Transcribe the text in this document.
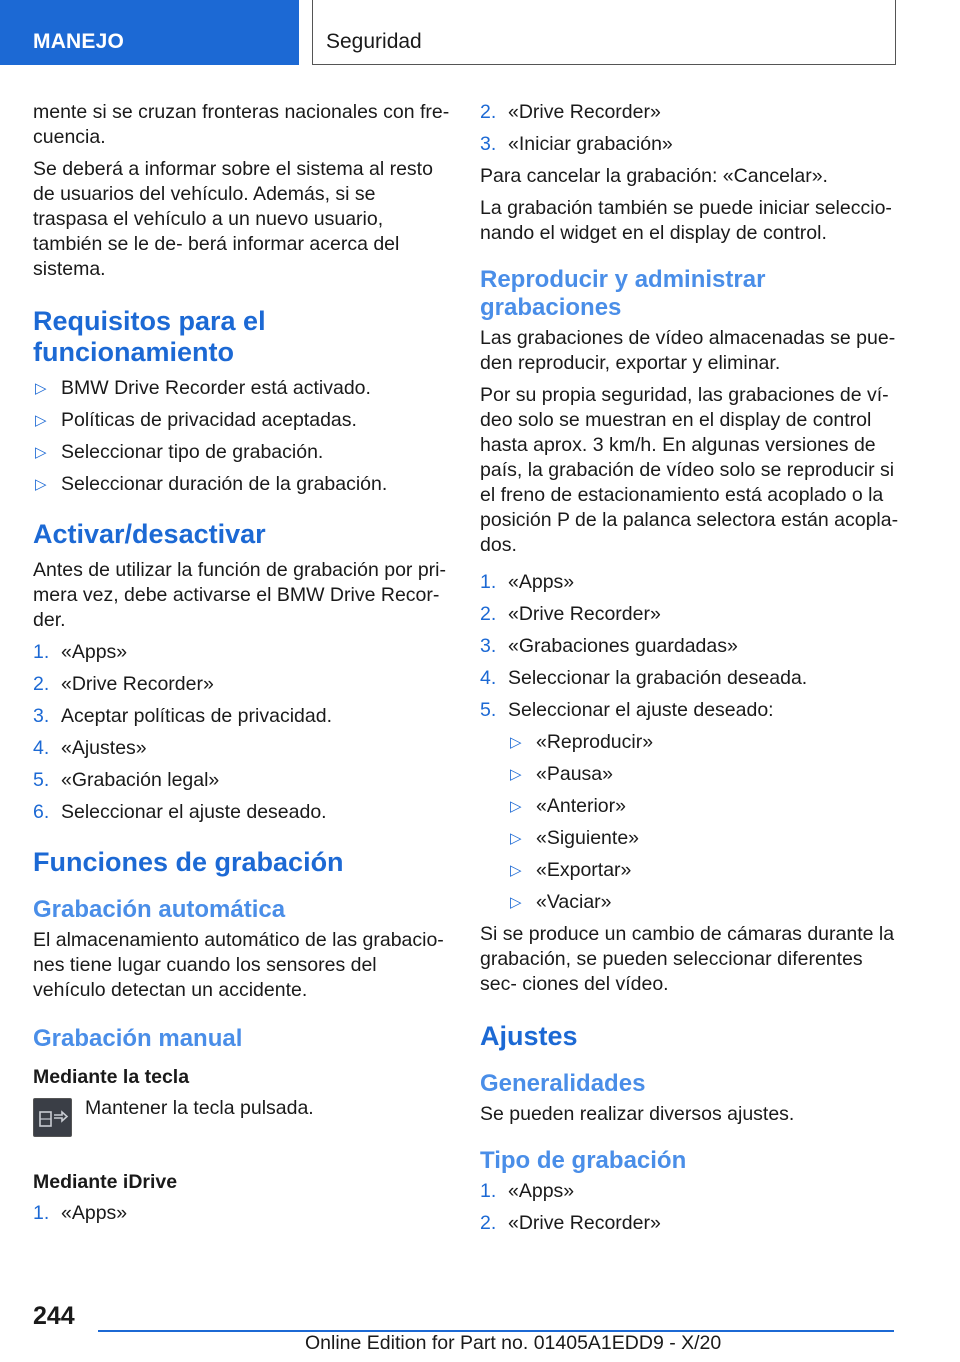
MANEJO	Seguridad

mente si se cruzan fronteras nacionales con fre‐ cuencia.

Se deberá a informar sobre el sistema al resto de usuarios del vehículo. Además, si se traspasa el vehículo a un nuevo usuario, también se le de‐ berá informar acerca del sistema.

Requisitos para el funcionamiento
▷ BMW Drive Recorder está activado.
▷ Políticas de privacidad aceptadas.
▷ Seleccionar tipo de grabación.
▷ Seleccionar duración de la grabación.
Activar/desactivar

Antes de utilizar la función de grabación por pri‐ mera vez, debe activarse el BMW Drive Recor‐ der.

1. «Apps»
2. «Drive Recorder»
3. Aceptar políticas de privacidad.
4. «Ajustes»
5. «Grabación legal»
6. Seleccionar el ajuste deseado.
Funciones de grabación
Grabación automática

El almacenamiento automático de las grabacio‐ nes tiene lugar cuando los sensores del vehículo detectan un accidente.

Grabación manual
Mediante la tecla
Mantener la tecla pulsada.
Mediante iDrive
1. «Apps»
2. «Drive Recorder»
3. «Iniciar grabación»

Para cancelar la grabación: «Cancelar».

La grabación también se puede iniciar seleccio‐ nando el widget en el display de control.

Reproducir y administrar grabaciones

Las grabaciones de vídeo almacenadas se pue‐ den reproducir, exportar y eliminar.

Por su propia seguridad, las grabaciones de ví‐ deo solo se muestran en el display de control hasta aprox. 3 km/h. En algunas versiones de país, la grabación de vídeo solo se reproducir si el freno de estacionamiento está acoplado o la posición P de la palanca selectora están acopla‐ dos.

1. «Apps»
2. «Drive Recorder»
3. «Grabaciones guardadas»
4. Seleccionar la grabación deseada.
5. Seleccionar el ajuste deseado:
▷ «Reproducir»
▷ «Pausa»
▷ «Anterior»
▷ «Siguiente»
▷ «Exportar»
▷ «Vaciar»

Si se produce un cambio de cámaras durante la grabación, se pueden seleccionar diferentes sec‐ ciones del vídeo.

Ajustes
Generalidades

Se pueden realizar diversos ajustes.

Tipo de grabación
1. «Apps»
2. «Drive Recorder»
244
Online Edition for Part no. 01405A1EDD9 - X/20
